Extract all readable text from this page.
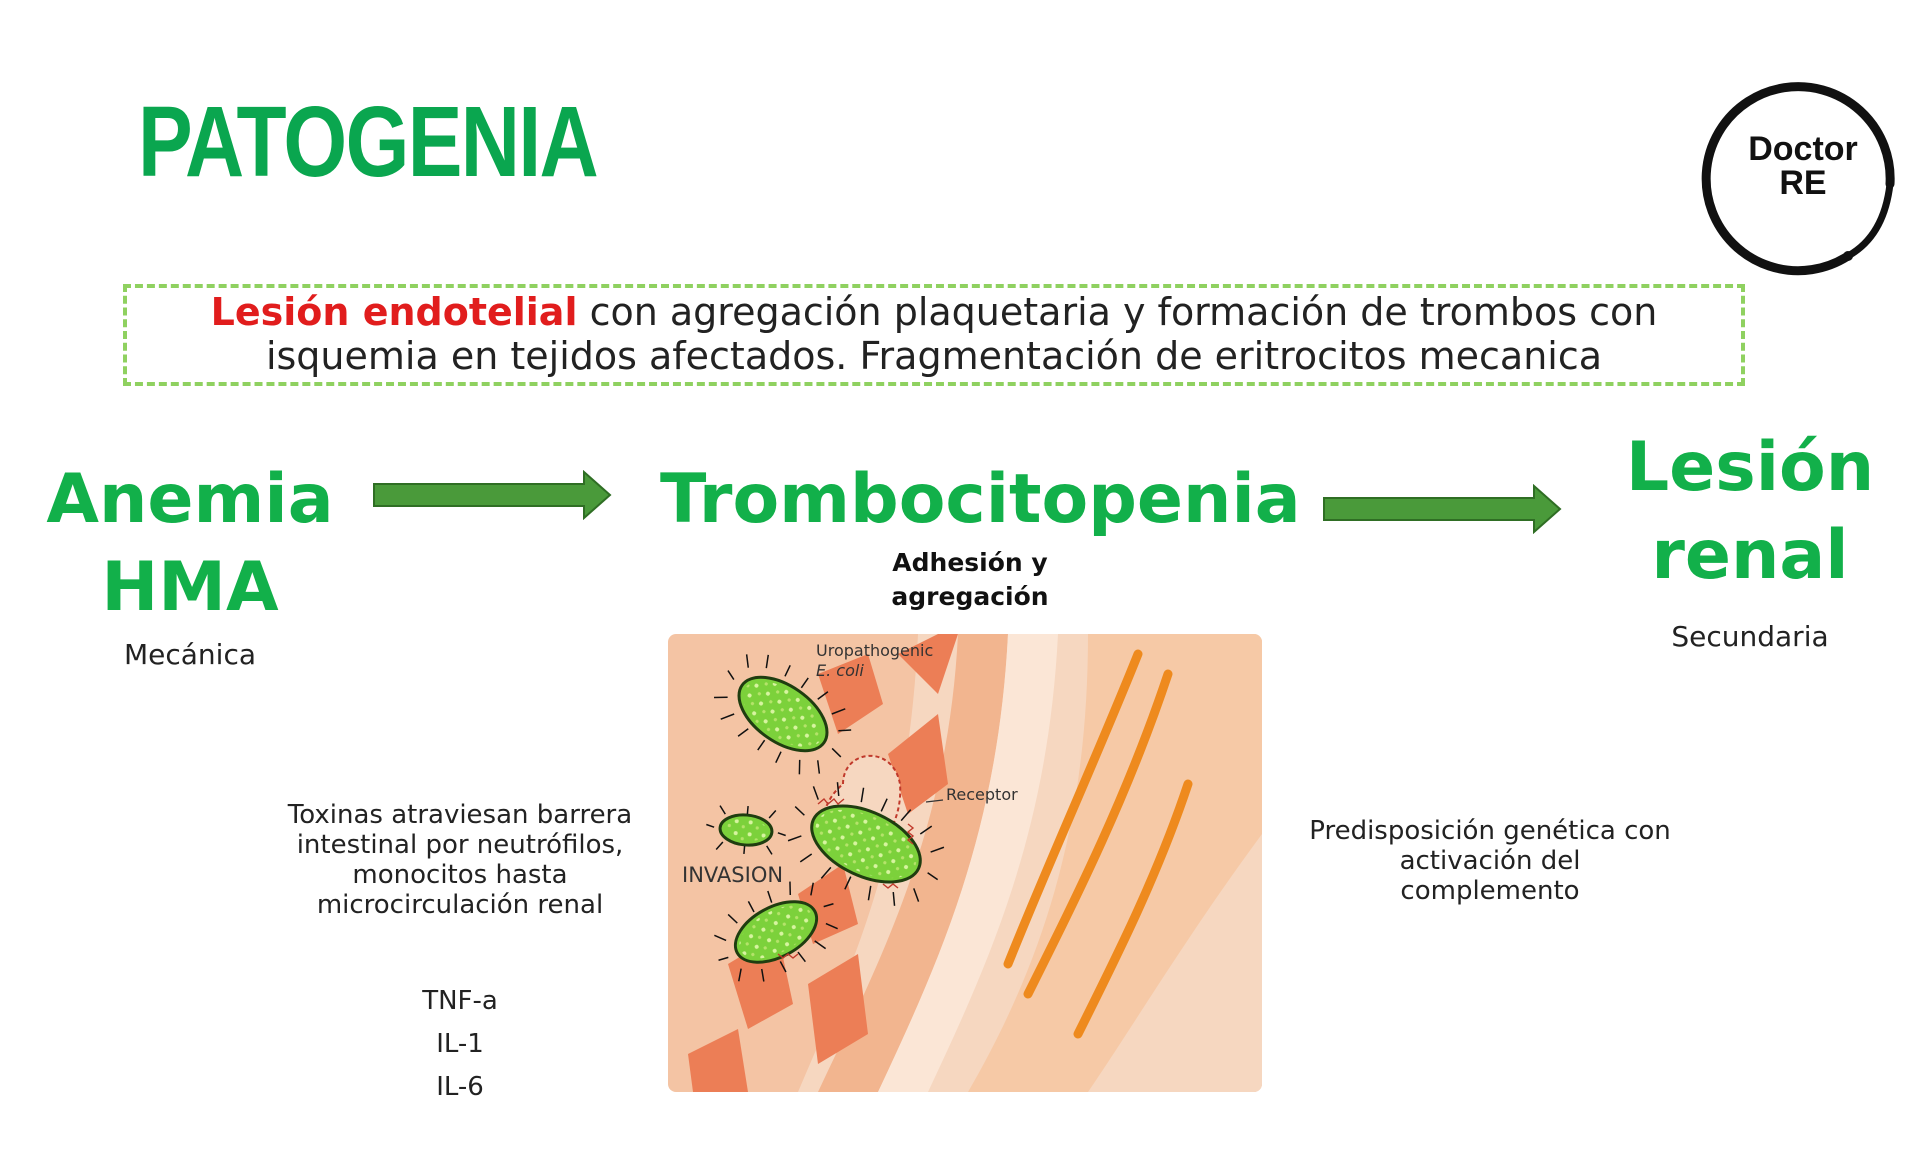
PATOGENIA	Doctor
RE
Lesión endotelial con agregación plaquetaria y formación de trombos con
isquemia en tejidos afectados. Fragmentación de eritrocitos mecanica
Anemia
HMA
Mecánica
Trombocitopenia
Adhesión y
agregación
Lesión
renal
Secundaria
Toxinas atraviesan barrera
intestinal por neutrófilos,
monocitos hasta
microcirculación renal
TNF-a
IL-1
IL-6
Predisposición genética con
activación del
complemento
Uropathogenic
E. coli
Receptor
INVASION
